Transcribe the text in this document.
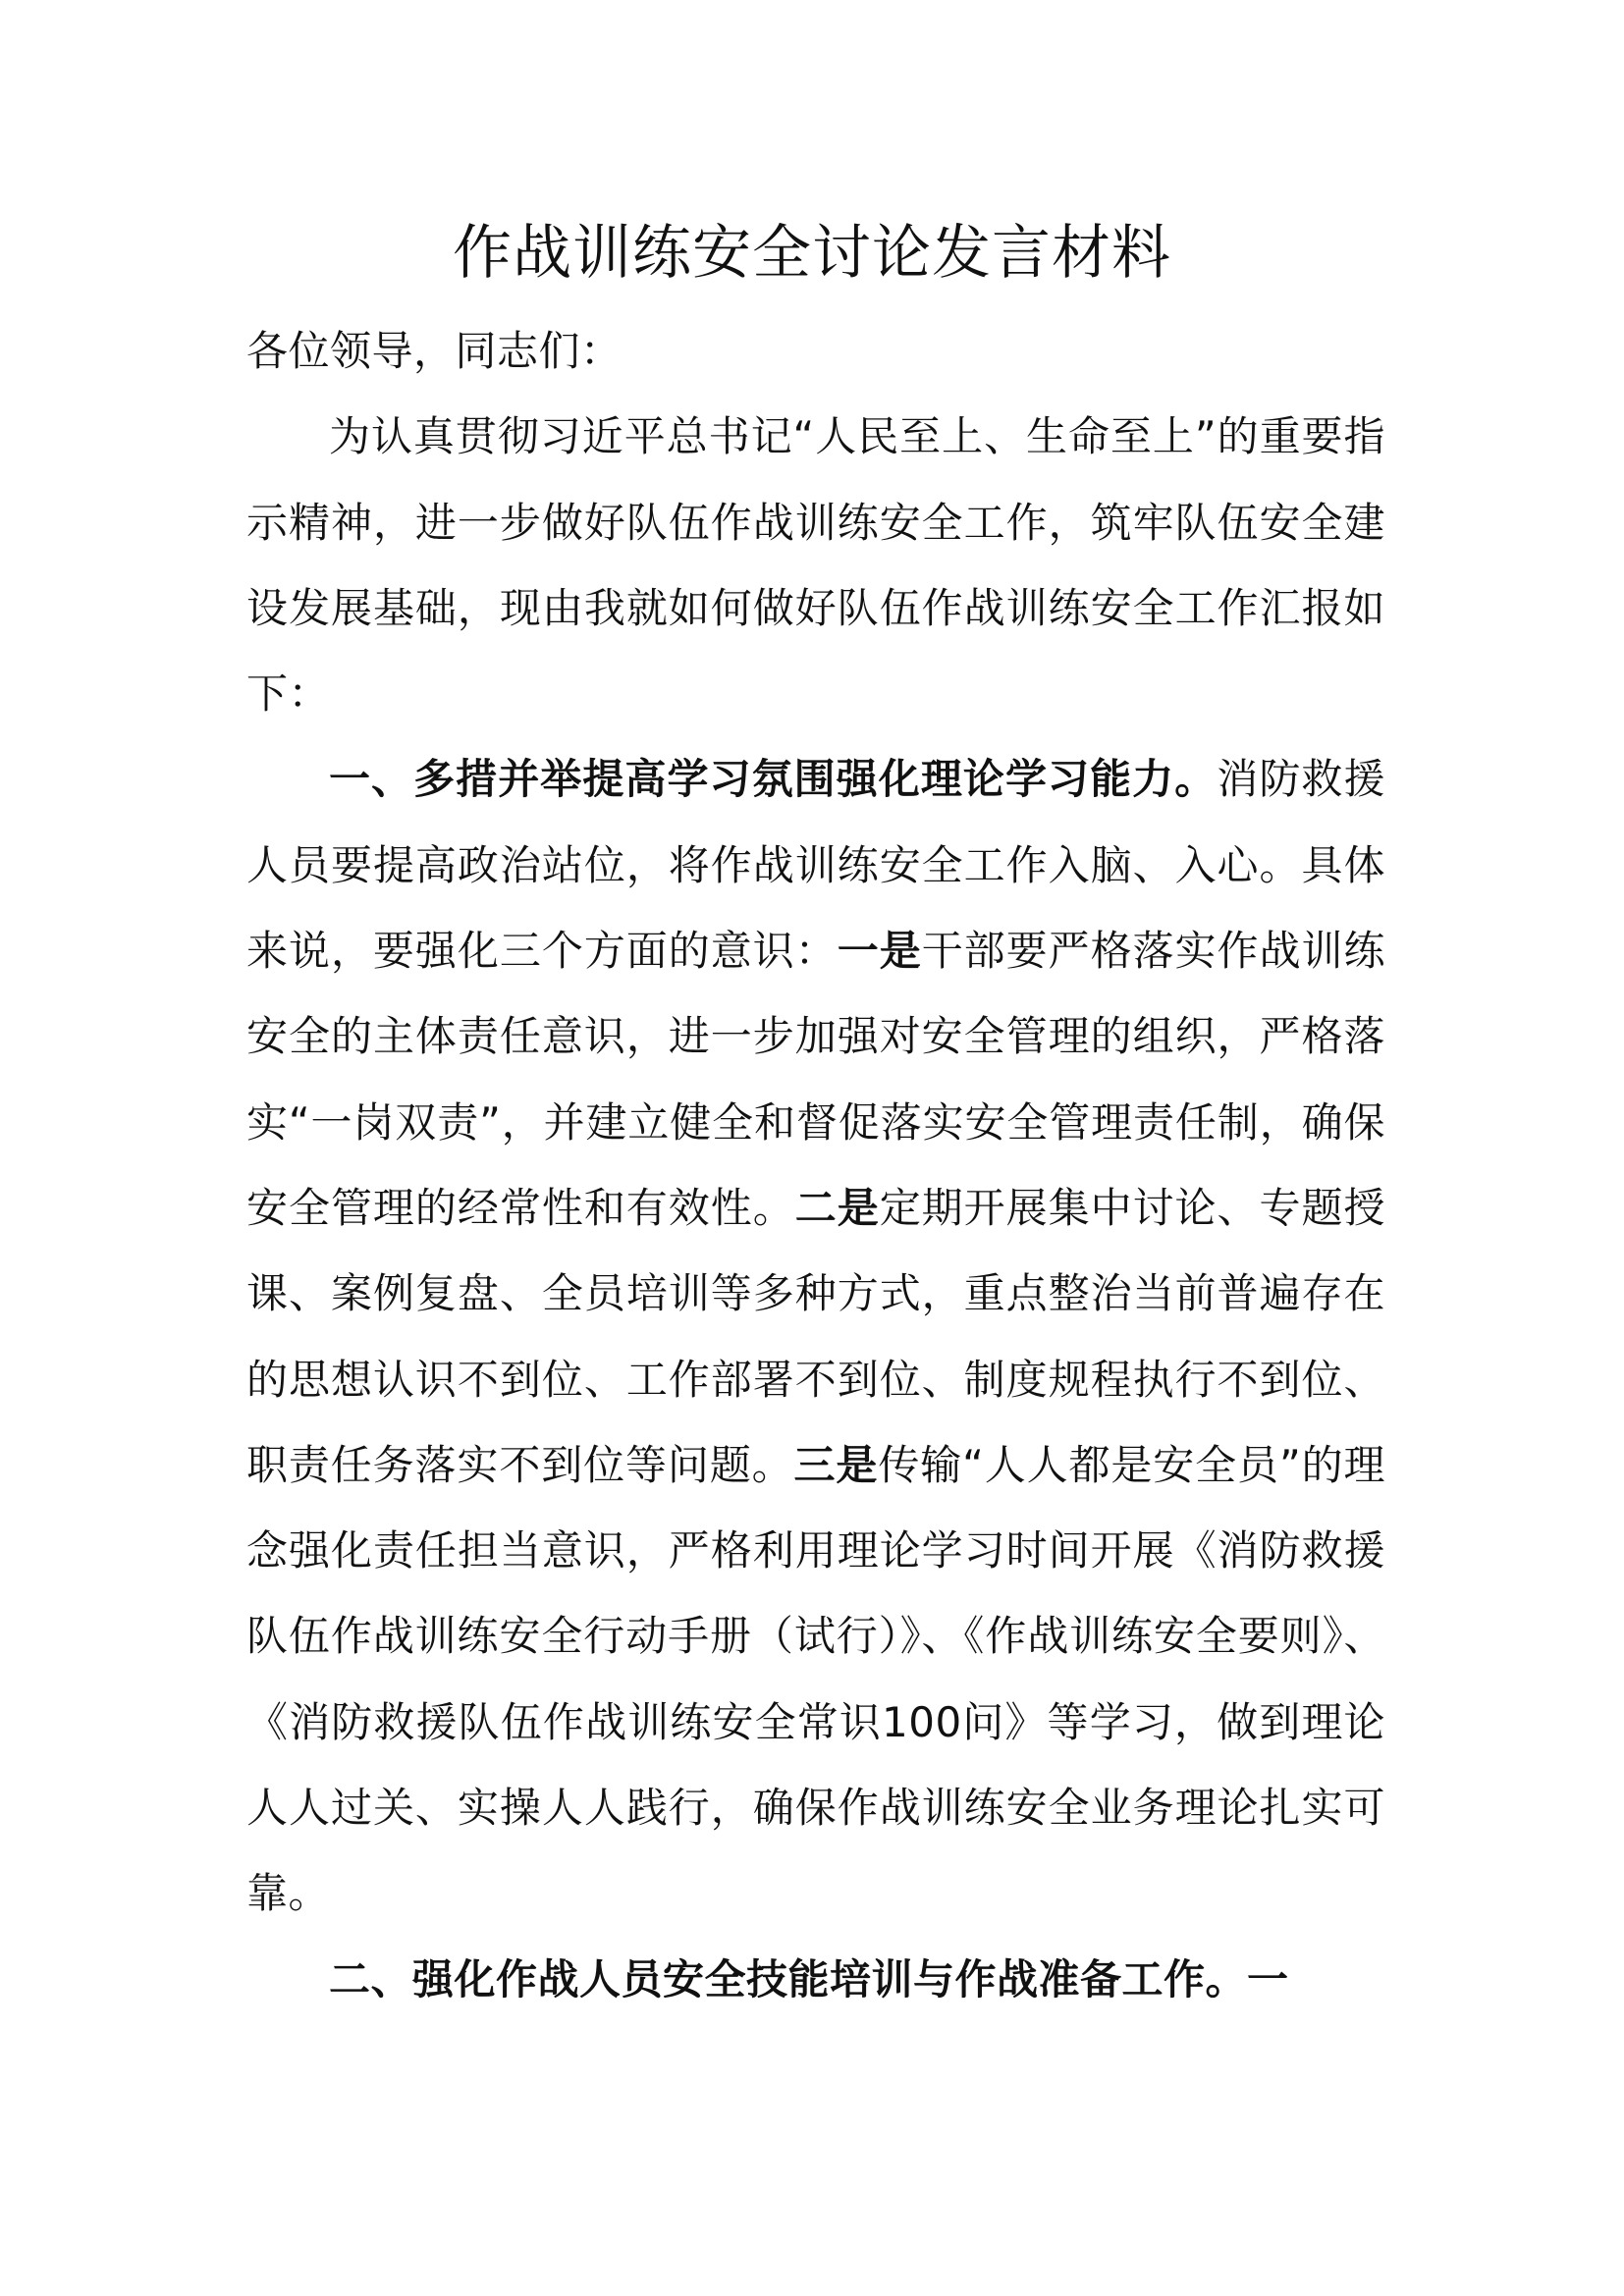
作战训练安全讨论发言材料

各位领导，同志们：

为认真贯彻习近平总书记“人民至上、生命至上”的重要指示精神，进一步做好队伍作战训练安全工作，筑牢队伍安全建设发展基础，现由我就如何做好队伍作战训练安全工作汇报如下：

一、多措并举提高学习氛围强化理论学习能力。消防救援人员要提高政治站位，将作战训练安全工作入脑、入心。具体来说，要强化三个方面的意识：一是干部要严格落实作战训练安全的主体责任意识，进一步加强对安全管理的组织，严格落实“一岗双责”，并建立健全和督促落实安全管理责任制，确保安全管理的经常性和有效性。二是定期开展集中讨论、专题授课、案例复盘、全员培训等多种方式，重点整治当前普遍存在的思想认识不到位、工作部署不到位、制度规程执行不到位、职责任务落实不到位等问题。三是传输“人人都是安全员”的理念强化责任担当意识，严格利用理论学习时间开展《消防救援队伍作战训练安全行动手册（试行）》、《作战训练安全要则》、《消防救援队伍作战训练安全常识100问》等学习，做到理论人人过关、实操人人践行，确保作战训练安全业务理论扎实可靠。

二、强化作战人员安全技能培训与作战准备工作。一
